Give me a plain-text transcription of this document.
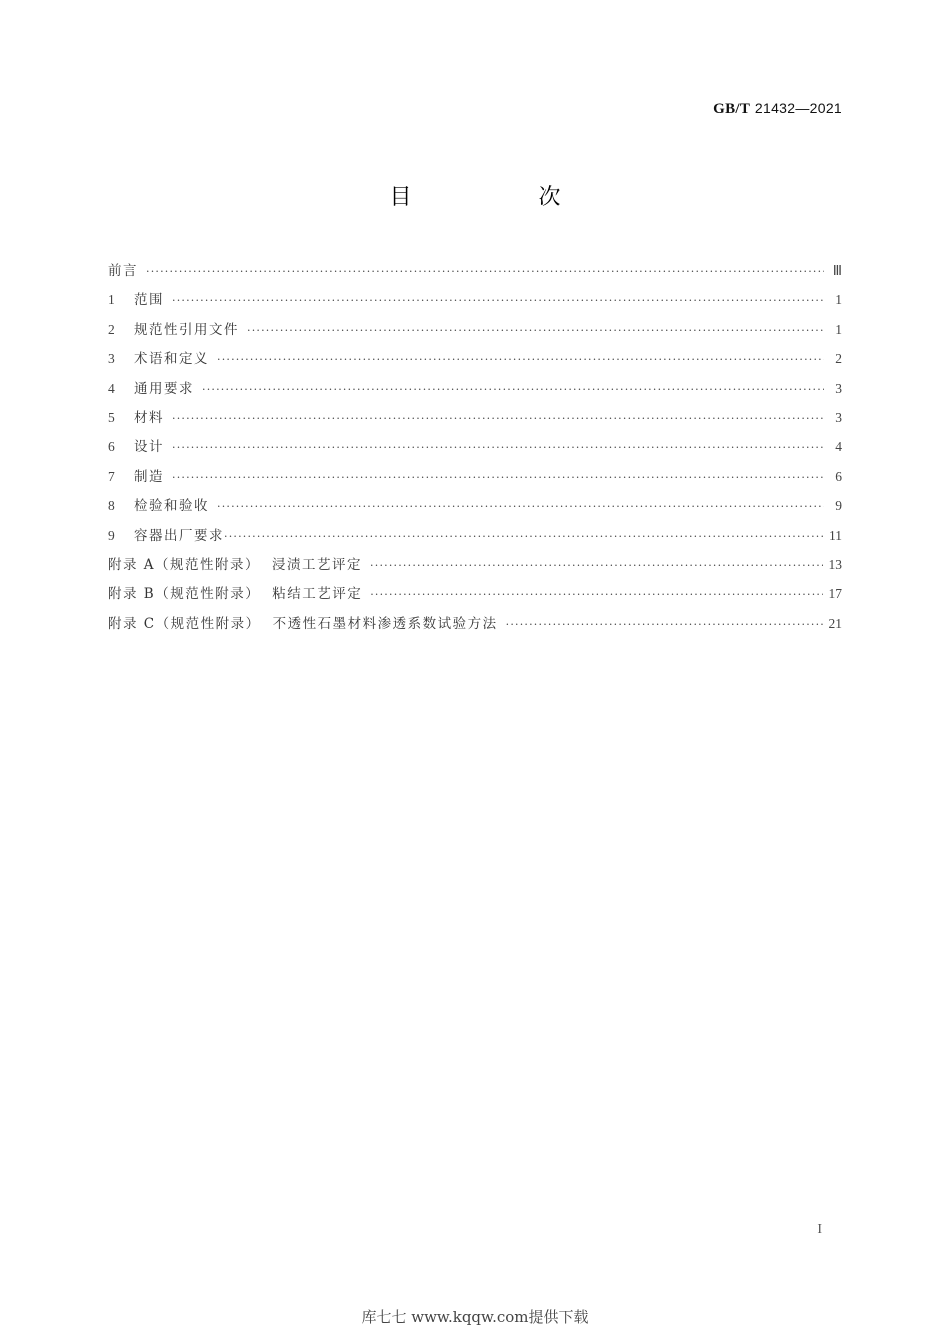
GB/T 21432—2021
目 次
前言 ·····	Ⅲ
1	范围 ·····	1
2	规范性引用文件 ·····	1
3	术语和定义 ·····	2
4	通用要求 ·····	3
5	材料 ·····	3
6	设计 ·····	4
7	制造 ·····	6
8	检验和验收 ·····	9
9	容器出厂要求 ·····	11
附录 A（规范性附录） 浸渍工艺评定 ·····	13
附录 B（规范性附录） 粘结工艺评定 ·····	17
附录 C（规范性附录） 不透性石墨材料渗透系数试验方法 ·····	21
I
库七七 www.kqqw.com提供下载
